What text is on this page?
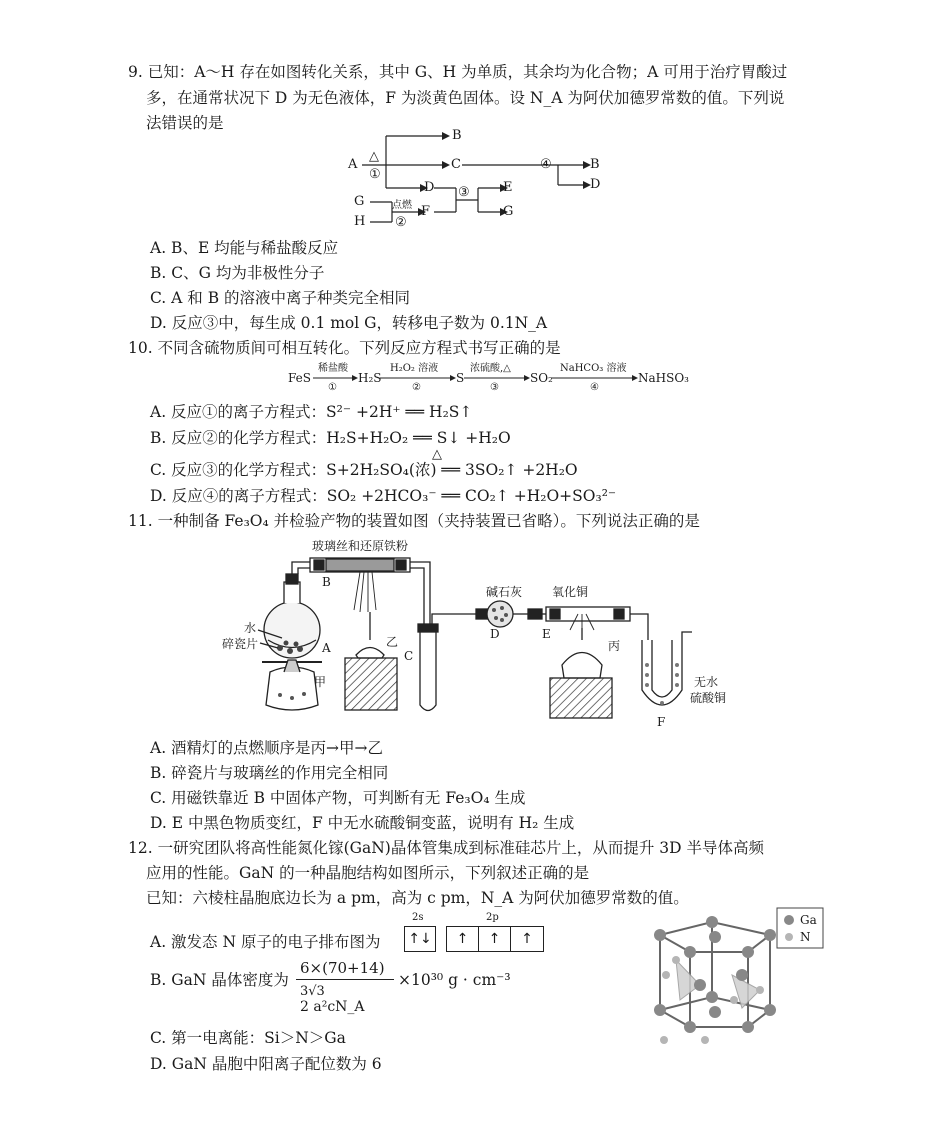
9. 已知：A～H 存在如图转化关系，其中 G、H 为单质，其余均为化合物；A 可用于治疗胃酸过
多，在通常状况下 D 为无色液体，F 为淡黄色固体。设 N_A 为阿伏加德罗常数的值。下列说
法错误的是
A
△
①
B
C
D
G
H
点燃
②
F
③	E
G
④	B
D
A. B、E 均能与稀盐酸反应
B. C、G 均为非极性分子
C. A 和 B 的溶液中离子种类完全相同
D. 反应③中，每生成 0.1 mol G，转移电子数为 0.1N_A
10. 不同含硫物质间可相互转化。下列反应方程式书写正确的是
FeS
稀盐酸
①
H₂S
H₂O₂ 溶液
②
S
浓硫酸,△
③
SO₂
NaHCO₃ 溶液
④
NaHSO₃
A. 反应①的离子方程式：S²⁻ +2H⁺ ══ H₂S↑
B. 反应②的化学方程式：H₂S+H₂O₂ ══ S↓ +H₂O
△
C. 反应③的化学方程式：S+2H₂SO₄(浓) ══ 3SO₂↑ +2H₂O
D. 反应④的离子方程式：SO₂ +2HCO₃⁻ ══ CO₂↑ +H₂O+SO₃²⁻
11. 一种制备 Fe₃O₄ 并检验产物的装置如图（夹持装置已省略）。下列说法正确的是
玻璃丝和还原铁粉
B
水
碎瓷片	A
甲
乙
C
碱石灰
D
氧化铜
E
丙
无水
硫酸铜
F
A. 酒精灯的点燃顺序是丙→甲→乙
B. 碎瓷片与玻璃丝的作用完全相同
C. 用磁铁靠近 B 中固体产物，可判断有无 Fe₃O₄ 生成
D. E 中黑色物质变红，F 中无水硫酸铜变蓝，说明有 H₂ 生成
12. 一研究团队将高性能氮化镓(GaN)晶体管集成到标准硅芯片上，从而提升 3D 半导体高频
应用的性能。GaN 的一种晶胞结构如图所示，下列叙述正确的是
已知：六棱柱晶胞底边长为 a pm，高为 c pm，N_A 为阿伏加德罗常数的值。
A. 激发态 N 原子的电子排布图为
2s	2p
↑↓	↑	↑	↑
B. GaN 晶体密度为
6×(70+14)
3√3
2 a²cN_A
×10³⁰ g · cm⁻³
C. 第一电离能：Si＞N＞Ga
D. GaN 晶胞中阳离子配位数为 6
Ga
N
